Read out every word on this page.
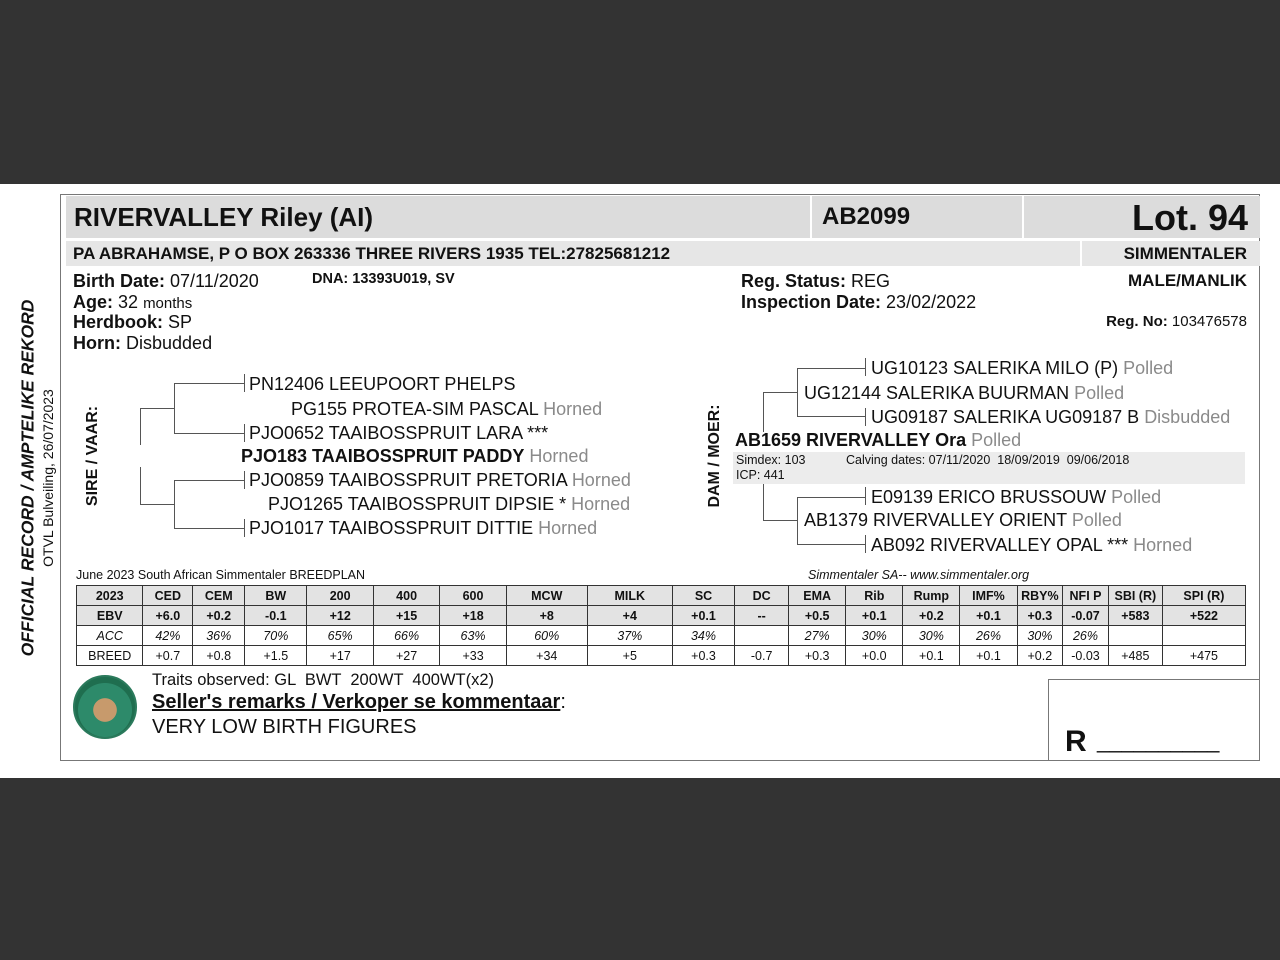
OFFICIAL RECORD / AMPTELIKE REKORD OTVL Bulveiling, 26/07/2023
RIVERVALLEY Riley (AI)	AB2099	Lot. 94
PA ABRAHAMSE, P O BOX 263336 THREE RIVERS 1935 TEL:27825681212	SIMMENTALER
Birth Date: 07/11/2020	DNA: 13393U019, SV
Age: 32 months
Herdbook: SP
Horn: Disbudded
Reg. Status: REG
Inspection Date: 23/02/2022
MALE/MANLIK
Reg. No: 103476578
SIRE / VAAR:
PN12406 LEEUPOORT PHELPS
PG155 PROTEA-SIM PASCAL Horned
PJO0652 TAAIBOSSPRUIT LARA ***
PJO183 TAAIBOSSPRUIT PADDY Horned
PJO0859 TAAIBOSSPRUIT PRETORIA Horned
PJO1265 TAAIBOSSPRUIT DIPSIE * Horned
PJO1017 TAAIBOSSPRUIT DITTIE Horned
DAM / MOER:
UG10123 SALERIKA MILO (P) Polled
UG12144 SALERIKA BUURMAN Polled
UG09187 SALERIKA UG09187 B Disbudded
AB1659 RIVERVALLEY Ora Polled
Simdex: 103	Calving dates: 07/11/2020  18/09/2019  09/06/2018
ICP: 441
E09139 ERICO BRUSSOUW Polled
AB1379 RIVERVALLEY ORIENT Polled
AB092 RIVERVALLEY OPAL *** Horned
June 2023 South African Simmentaler BREEDPLAN	Simmentaler SA-- www.simmentaler.org
2023	CED	CEM	BW	200	400	600	MCW	MILK	SC	DC	EMA	Rib	Rump	IMF%	RBY%	NFI P	SBI (R)	SPI (R)
EBV	+6.0	+0.2	-0.1	+12	+15	+18	+8	+4	+0.1	--	+0.5	+0.1	+0.2	+0.1	+0.3	-0.07	+583	+522
ACC	42%	36%	70%	65%	66%	63%	60%	37%	34%		27%	30%	30%	26%	30%	26%		
BREED	+0.7	+0.8	+1.5	+17	+27	+33	+34	+5	+0.3	-0.7	+0.3	+0.0	+0.1	+0.1	+0.2	-0.03	+485	+475
Traits observed: GL  BWT  200WT  400WT(x2)
Seller's remarks / Verkoper se kommentaar:
VERY LOW BIRTH FIGURES	R __________
